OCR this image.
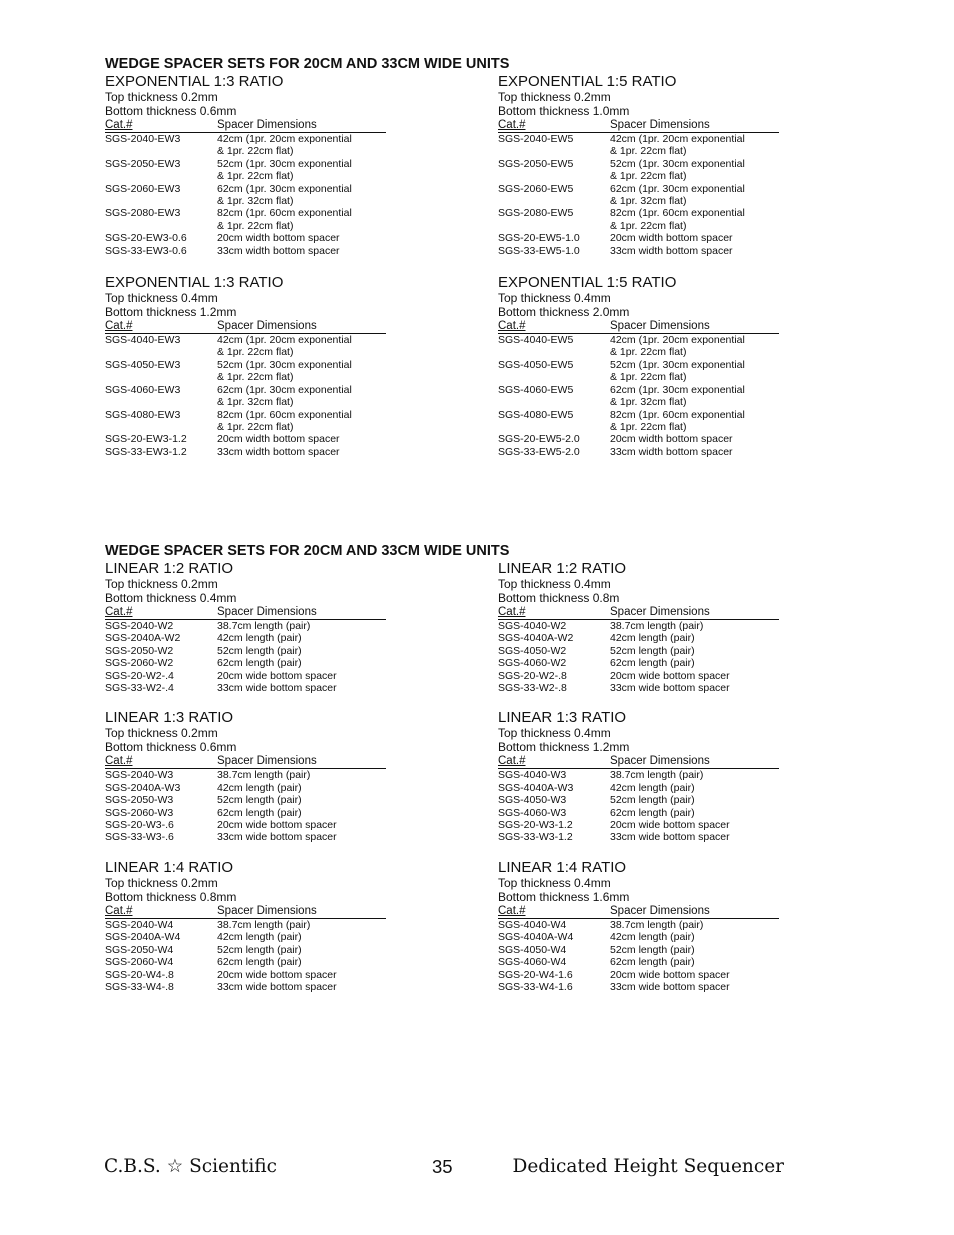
WEDGE SPACER SETS FOR 20CM AND 33CM WIDE UNITS
EXPONENTIAL 1:3 RATIO
Top thickness 0.2mm
Bottom thickness 0.6mm
Cat.#	Spacer Dimensions
SGS-2040-EW3	42cm (1pr. 20cm exponential
& 1pr. 22cm flat)
SGS-2050-EW3	52cm (1pr. 30cm exponential
& 1pr. 22cm flat)
SGS-2060-EW3	62cm (1pr. 30cm exponential
& 1pr. 32cm flat)
SGS-2080-EW3	82cm (1pr. 60cm exponential
& 1pr. 22cm flat)
SGS-20-EW3-0.6	20cm width bottom spacer
SGS-33-EW3-0.6	33cm width bottom spacer
EXPONENTIAL 1:3 RATIO
Top thickness 0.4mm
Bottom thickness 1.2mm
Cat.#	Spacer Dimensions
SGS-4040-EW3	42cm (1pr. 20cm exponential
& 1pr. 22cm flat)
SGS-4050-EW3	52cm (1pr. 30cm exponential
& 1pr. 22cm flat)
SGS-4060-EW3	62cm (1pr. 30cm exponential
& 1pr. 32cm flat)
SGS-4080-EW3	82cm (1pr. 60cm exponential
& 1pr. 22cm flat)
SGS-20-EW3-1.2	20cm width bottom spacer
SGS-33-EW3-1.2	33cm width bottom spacer
EXPONENTIAL 1:5 RATIO
Top thickness 0.2mm
Bottom thickness 1.0mm
Cat.#	Spacer Dimensions
SGS-2040-EW5	42cm (1pr. 20cm exponential
& 1pr. 22cm flat)
SGS-2050-EW5	52cm (1pr. 30cm exponential
& 1pr. 22cm flat)
SGS-2060-EW5	62cm (1pr. 30cm exponential
& 1pr. 32cm flat)
SGS-2080-EW5	82cm (1pr. 60cm exponential
& 1pr. 22cm flat)
SGS-20-EW5-1.0	20cm width bottom spacer
SGS-33-EW5-1.0	33cm width bottom spacer
EXPONENTIAL 1:5 RATIO
Top thickness 0.4mm
Bottom thickness 2.0mm
Cat.#	Spacer Dimensions
SGS-4040-EW5	42cm (1pr. 20cm exponential
& 1pr. 22cm flat)
SGS-4050-EW5	52cm (1pr. 30cm exponential
& 1pr. 22cm flat)
SGS-4060-EW5	62cm (1pr. 30cm exponential
& 1pr. 32cm flat)
SGS-4080-EW5	82cm (1pr. 60cm exponential
& 1pr. 22cm flat)
SGS-20-EW5-2.0	20cm width bottom spacer
SGS-33-EW5-2.0	33cm width bottom spacer
WEDGE SPACER SETS FOR 20CM AND 33CM WIDE UNITS
LINEAR 1:2 RATIO
Top thickness 0.2mm
Bottom thickness 0.4mm
Cat.#	Spacer Dimensions
SGS-2040-W2	38.7cm length (pair)
SGS-2040A-W2	42cm length (pair)
SGS-2050-W2	52cm length (pair)
SGS-2060-W2	62cm length (pair)
SGS-20-W2-.4	20cm wide bottom spacer
SGS-33-W2-.4	33cm wide bottom spacer
LINEAR 1:3 RATIO
Top thickness 0.2mm
Bottom thickness 0.6mm
Cat.#	Spacer Dimensions
SGS-2040-W3	38.7cm length (pair)
SGS-2040A-W3	42cm length (pair)
SGS-2050-W3	52cm length (pair)
SGS-2060-W3	62cm length (pair)
SGS-20-W3-.6	20cm wide bottom spacer
SGS-33-W3-.6	33cm wide bottom spacer
LINEAR 1:4 RATIO
Top thickness 0.2mm
Bottom thickness 0.8mm
Cat.#	Spacer Dimensions
SGS-2040-W4	38.7cm length (pair)
SGS-2040A-W4	42cm length (pair)
SGS-2050-W4	52cm length (pair)
SGS-2060-W4	62cm length (pair)
SGS-20-W4-.8	20cm wide bottom spacer
SGS-33-W4-.8	33cm wide bottom spacer
LINEAR 1:2 RATIO
Top thickness 0.4mm
Bottom thickness 0.8m
Cat.#	Spacer Dimensions
SGS-4040-W2	38.7cm length (pair)
SGS-4040A-W2	42cm length (pair)
SGS-4050-W2	52cm length (pair)
SGS-4060-W2	62cm length (pair)
SGS-20-W2-.8	20cm wide bottom spacer
SGS-33-W2-.8	33cm wide bottom spacer
LINEAR 1:3 RATIO
Top thickness 0.4mm
Bottom thickness 1.2mm
Cat.#	Spacer Dimensions
SGS-4040-W3	38.7cm length (pair)
SGS-4040A-W3	42cm length (pair)
SGS-4050-W3	52cm length (pair)
SGS-4060-W3	62cm length (pair)
SGS-20-W3-1.2	20cm wide bottom spacer
SGS-33-W3-1.2	33cm wide bottom spacer
LINEAR 1:4 RATIO
Top thickness 0.4mm
Bottom thickness 1.6mm
Cat.#	Spacer Dimensions
SGS-4040-W4	38.7cm length (pair)
SGS-4040A-W4	42cm length (pair)
SGS-4050-W4	52cm length (pair)
SGS-4060-W4	62cm length (pair)
SGS-20-W4-1.6	20cm wide bottom spacer
SGS-33-W4-1.6	33cm wide bottom spacer
C.B.S. ☆ Scientific	35	Dedicated Height Sequencer
